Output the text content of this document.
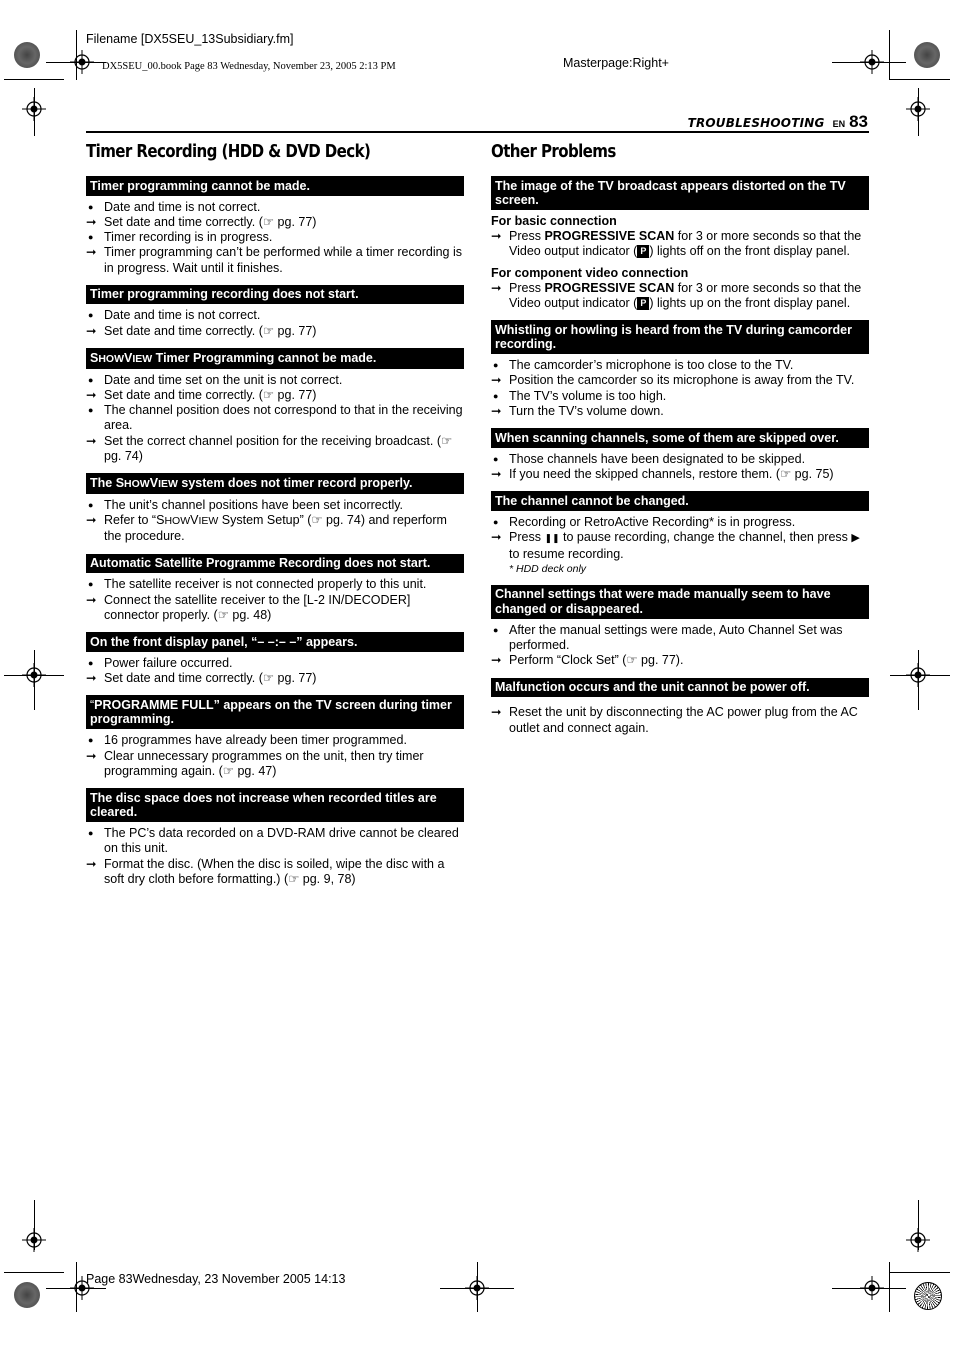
Filename [DX5SEU_13Subsidiary.fm]
DX5SEU_00.book Page 83 Wednesday, November 23, 2005 2:13 PM	Masterpage:Right+
Page 83Wednesday, 23 November 2005 14:13
TROUBLESHOOTING EN 83
Timer Recording (HDD & DVD Deck)
Timer programming cannot be made.
● Date and time is not correct.
➞ Set date and time correctly. (☞ pg. 77)
● Timer recording is in progress.
➞ Timer programming can’t be performed while a timer recording is in progress. Wait until it finishes.
Timer programming recording does not start.
● Date and time is not correct.
➞ Set date and time correctly. (☞ pg. 77)
SHOWVIEW Timer Programming cannot be made.
● Date and time set on the unit is not correct.
➞ Set date and time correctly. (☞ pg. 77)
● The channel position does not correspond to that in the receiving area.
➞ Set the correct channel position for the receiving broadcast. (☞ pg. 74)
The SHOWVIEW system does not timer record properly.
● The unit’s channel positions have been set incorrectly.
➞ Refer to “SHOWVIEW System Setup” (☞ pg. 74) and reperform the procedure.
Automatic Satellite Programme Recording does not start.
● The satellite receiver is not connected properly to this unit.
➞ Connect the satellite receiver to the [L-2 IN/DECODER] connector properly. (☞ pg. 48)
On the front display panel, “– –:– –” appears.
● Power failure occurred.
➞ Set date and time correctly. (☞ pg. 77)
“PROGRAMME FULL” appears on the TV screen during timer programming.
● 16 programmes have already been timer programmed.
➞ Clear unnecessary programmes on the unit, then try timer programming again. (☞ pg. 47)
The disc space does not increase when recorded titles are cleared.
● The PC’s data recorded on a DVD-RAM drive cannot be cleared on this unit.
➞ Format the disc. (When the disc is soiled, wipe the disc with a soft dry cloth before formatting.) (☞ pg. 9, 78)
Other Problems
The image of the TV broadcast appears distorted on the TV screen.
For basic connection
➞ Press PROGRESSIVE SCAN for 3 or more seconds so that the Video output indicator ( P ) lights off on the front display panel.
For component video connection
➞ Press PROGRESSIVE SCAN for 3 or more seconds so that the Video output indicator ( P ) lights up on the front display panel.
Whistling or howling is heard from the TV during camcorder recording.
● The camcorder’s microphone is too close to the TV.
➞ Position the camcorder so its microphone is away from the TV.
● The TV’s volume is too high.
➞ Turn the TV’s volume down.
When scanning channels, some of them are skipped over.
● Those channels have been designated to be skipped.
➞ If you need the skipped channels, restore them. (☞ pg. 75)
The channel cannot be changed.
● Recording or RetroActive Recording* is in progress.
➞ Press ❚❚ to pause recording, change the channel, then press ▶ to resume recording.
* HDD deck only
Channel settings that were made manually seem to have changed or disappeared.
● After the manual settings were made, Auto Channel Set was performed.
➞ Perform “Clock Set” (☞ pg. 77).
Malfunction occurs and the unit cannot be power off.
➞ Reset the unit by disconnecting the AC power plug from the AC outlet and connect again.
